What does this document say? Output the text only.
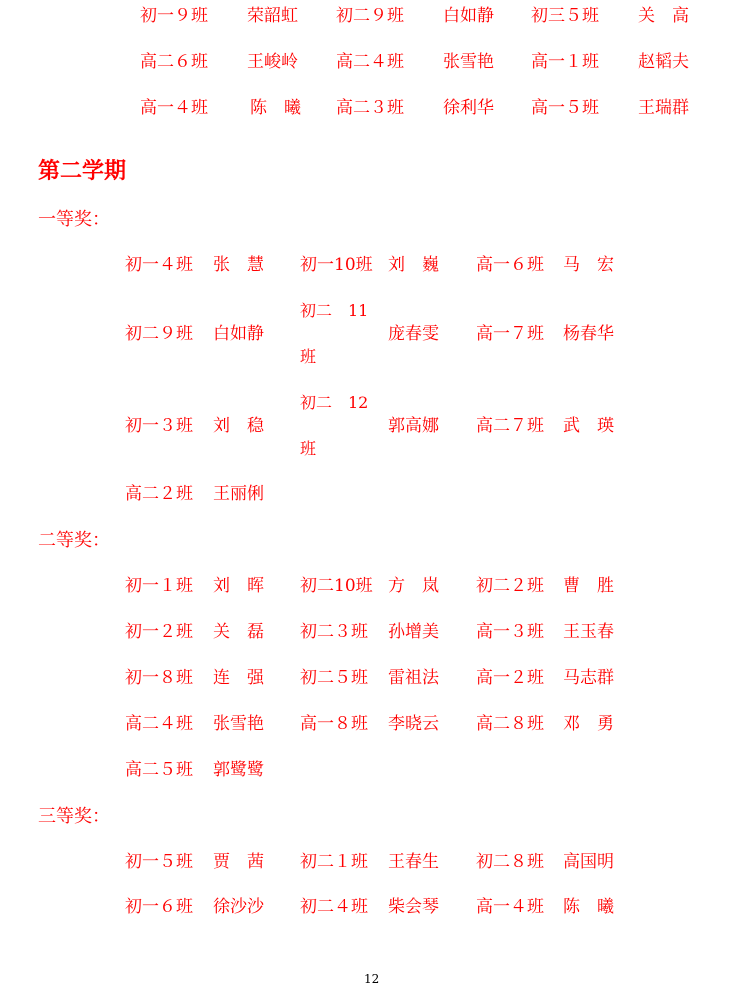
初一９班 荣韶虹 初二９班 白如静 初三５班 关　高
高二６班 王峻岭 高二４班 张雪艳 高一１班 赵韬夫
高一４班 陈　曦 高二３班 徐利华 高一５班 王瑞群
第二学期
一等奖：
初一４班 张　慧 初一10班 刘　巍 高一６班 马　宏
初二９班 白如静
初二　11
班
庞春雯 高一７班 杨春华
初一３班 刘　稳
初二　12
班
郭高娜 高二７班 武　瑛
高二２班 王丽俐
二等奖：
初一１班 刘　晖 初二10班 方　岚 初二２班 曹　胜
初一２班 关　磊 初二３班 孙增美 高一３班 王玉春
初一８班 连　强 初二５班 雷祖法 高一２班 马志群
高二４班 张雪艳 高一８班 李晓云 高二８班 邓　勇
高二５班 郭鹭鹭
三等奖：
初一５班 贾　茜 初二１班 王春生 初二８班 高国明
初一６班 徐沙沙 初二４班 柴会琴 高一４班 陈　曦
12
